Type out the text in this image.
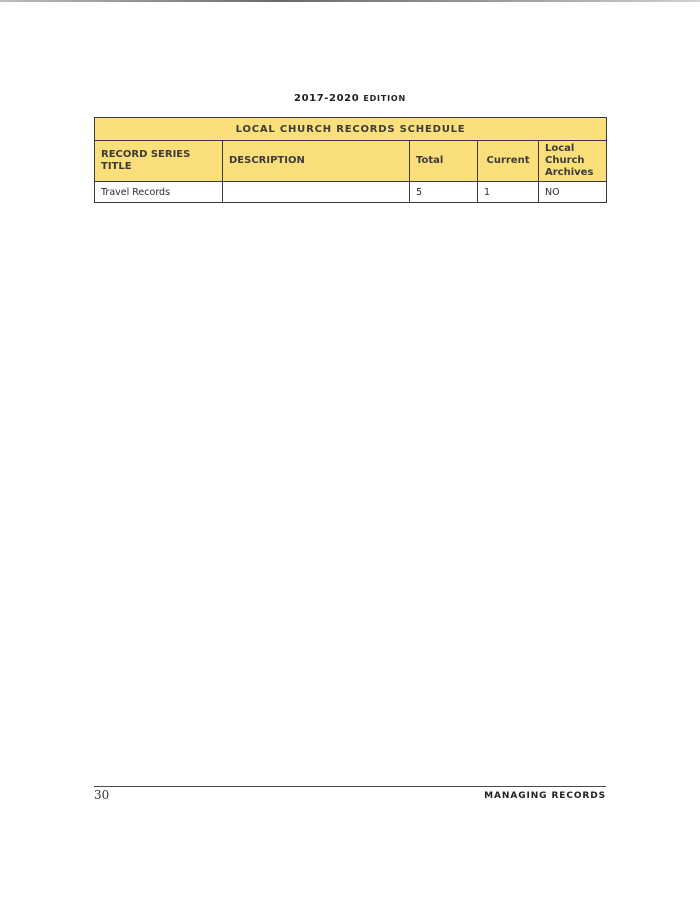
2017-2020 EDITION
LOCAL CHURCH RECORDS SCHEDULE				
RECORD SERIES TITLE	DESCRIPTION	Total	Current	Local Church Archives
Travel Records		5	1	NO
30	MANAGING RECORDS
